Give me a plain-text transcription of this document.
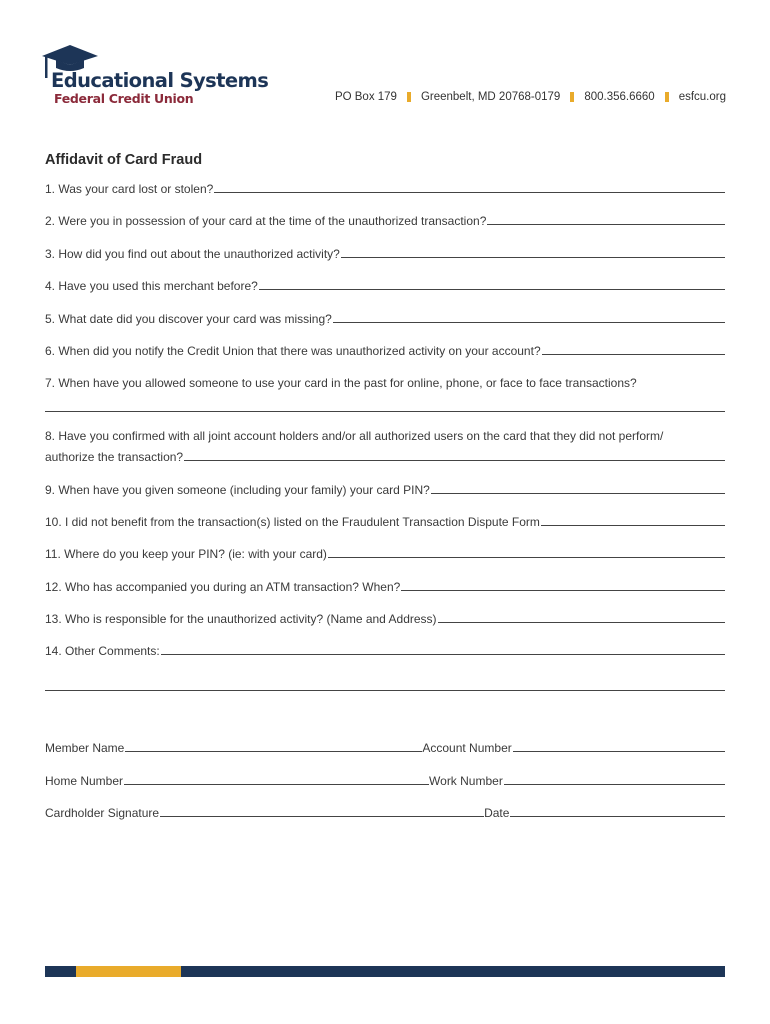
Educational Systems
Federal Credit Union	PO Box 179 Greenbelt, MD 20768-0179 800.356.6660 esfcu.org
Affidavit of Card Fraud
1. Was your card lost or stolen?
2. Were you in possession of your card at the time of the unauthorized transaction?
3. How did you find out about the unauthorized activity?
4. Have you used this merchant before?
5. What date did you discover your card was missing?
6. When did you notify the Credit Union that there was unauthorized activity on your account?
7. When have you allowed someone to use your card in the past for online, phone, or face to face transactions?
8. Have you confirmed with all joint account holders and/or all authorized users on the card that they did not perform/
authorize the transaction?
9. When have you given someone (including your family) your card PIN?
10. I did not benefit from the transaction(s) listed on the Fraudulent Transaction Dispute Form
11. Where do you keep your PIN? (ie: with your card)
12. Who has accompanied you during an ATM transaction? When?
13. Who is responsible for the unauthorized activity? (Name and Address)
14. Other Comments:
Member Name	Account Number
Home Number	Work Number
Cardholder Signature	Date
